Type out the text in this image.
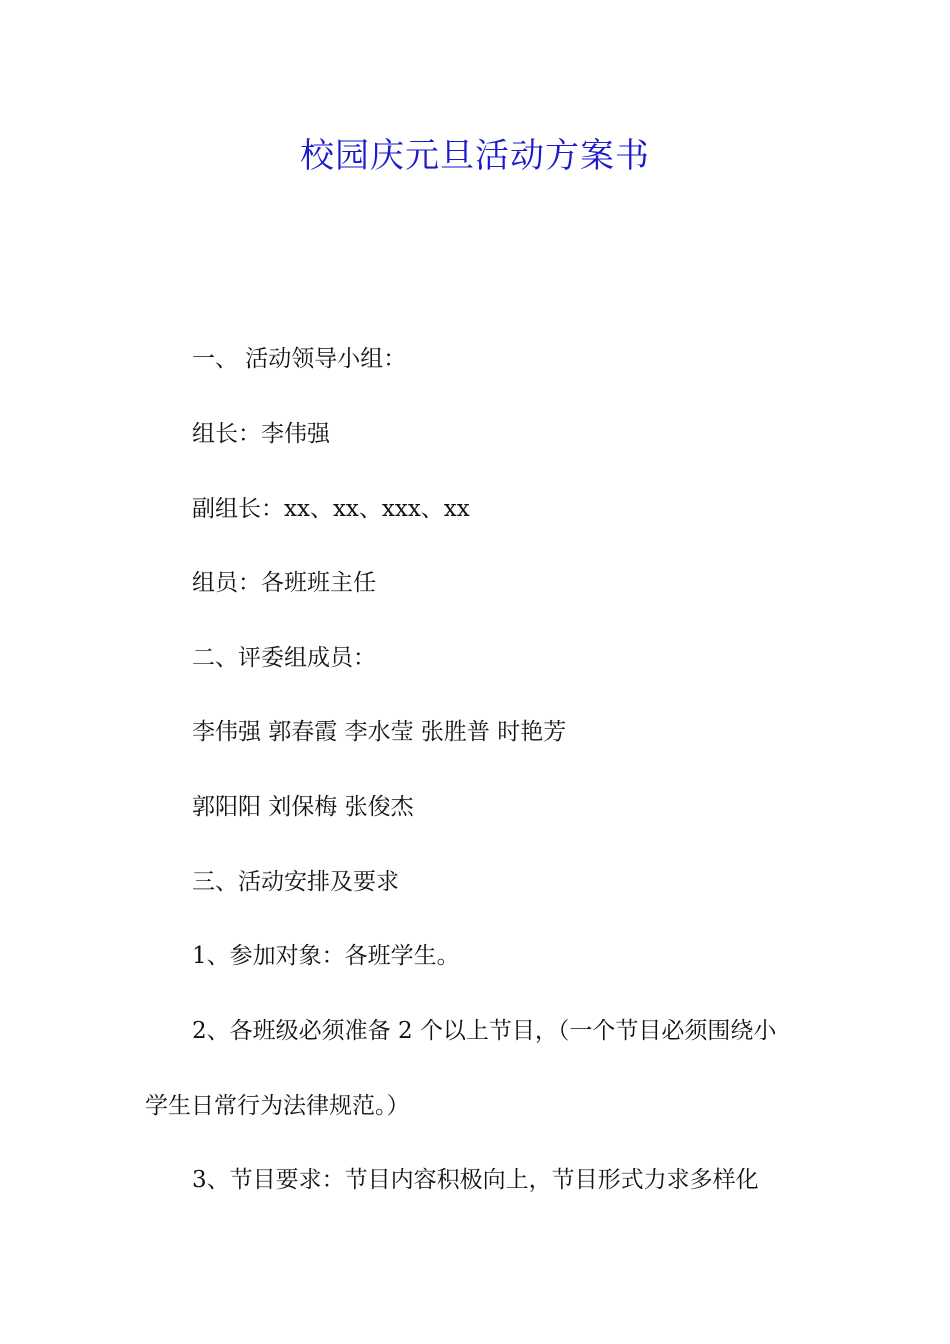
校园庆元旦活动方案书

一、 活动领导小组：

组长：李伟强

副组长：xx、xx、xxx、xx

组员：各班班主任

二、评委组成员：

李伟强 郭春霞 李水莹 张胜普 时艳芳

郭阳阳 刘保梅 张俊杰

三、活动安排及要求

1、参加对象：各班学生。

2、各班级必须准备 2 个以上节目，（一个节目必须围绕小

学生日常行为法律规范。）

3、节目要求：节目内容积极向上，节目形式力求多样化
